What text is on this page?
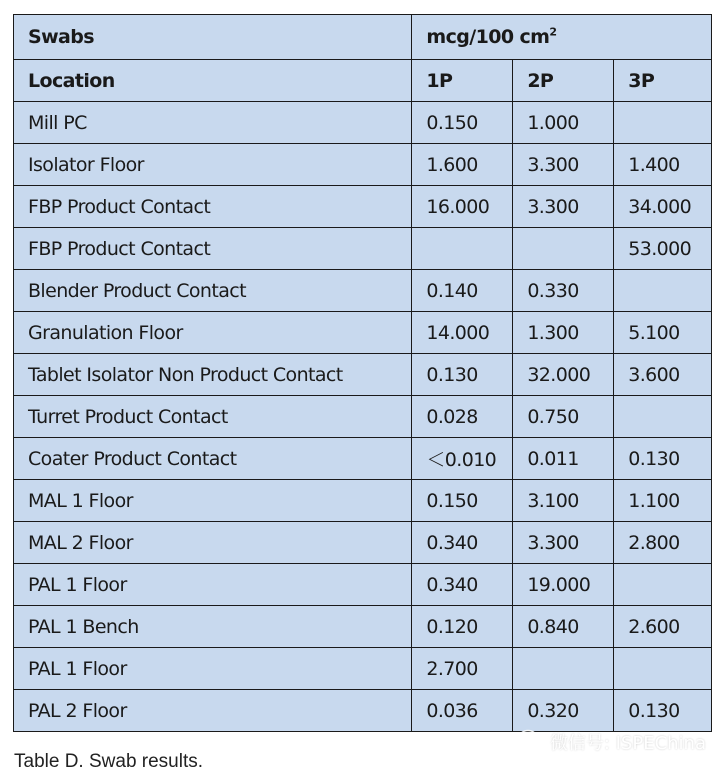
Swabs	mcg/100 $cm^2$
Location	1P	2P	3P
Mill PC	0.150	1.000	
Isolator Floor	1.600	3.300	1.400
FBP Product Contact	16.000	3.300	34.000
FBP Product Contact			53.000
Blender Product Contact	0.140	0.330	
Granulation Floor	14.000	1.300	5.100
Tablet Isolator Non Product Contact	0.130	32.000	3.600
Turret Product Contact	0.028	0.750	
Coater Product Contact	＜0.010	0.011	0.130
MAL 1 Floor	0.150	3.100	1.100
MAL 2 Floor	0.340	3.300	2.800
PAL 1 Floor	0.340	19.000	
PAL 1 Bench	0.120	0.840	2.600
PAL 1 Floor	2.700		
PAL 2 Floor	0.036	0.320	0.130
微信号: ISPEChina
Table D. Swab results.
